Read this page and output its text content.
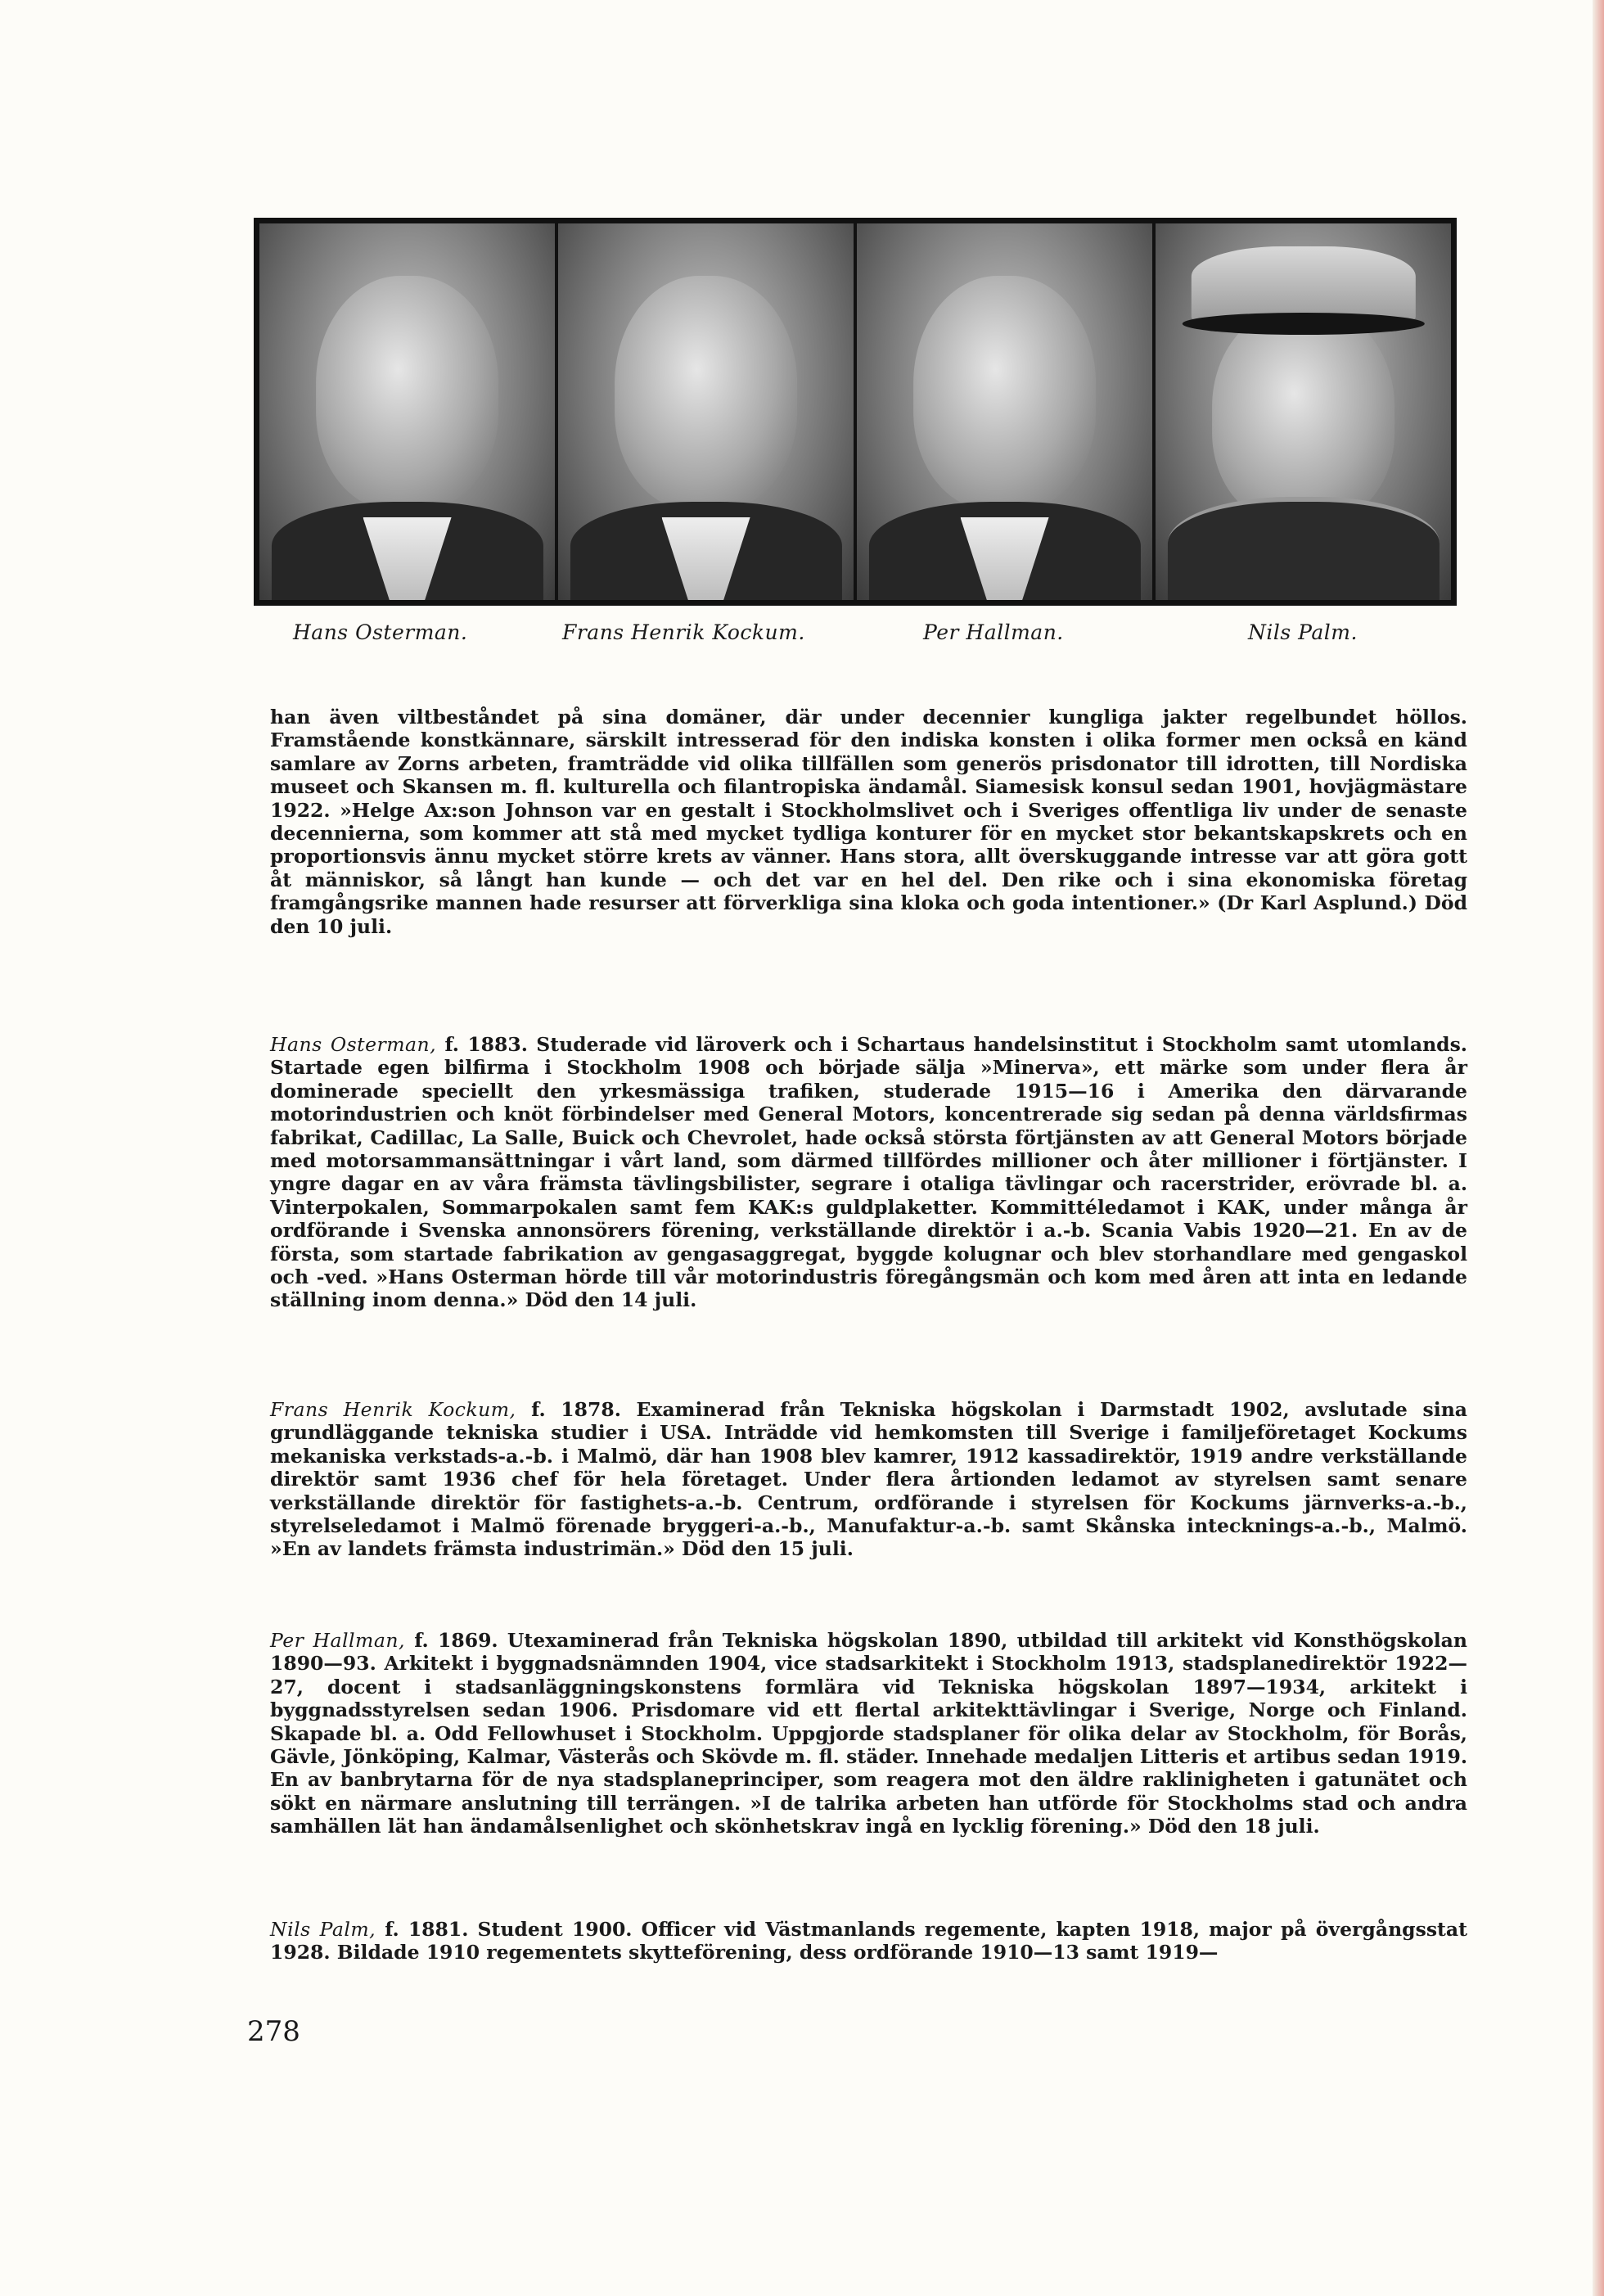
Hans Osterman.	Frans Henrik Kockum.	Per Hallman.	Nils Palm.

han även viltbeståndet på sina domäner, där under decennier kungliga jakter regelbundet höllos. Framstående konstkännare, särskilt intresserad för den indiska konsten i olika former men också en känd samlare av Zorns arbeten, framträdde vid olika tillfällen som generös prisdonator till idrotten, till Nordiska museet och Skansen m. fl. kulturella och filantropiska ändamål. Siamesisk konsul sedan 1901, hovjägmästare 1922. »Helge Ax:son Johnson var en gestalt i Stockholmslivet och i Sveriges offentliga liv under de senaste decennierna, som kommer att stå med mycket tydliga konturer för en mycket stor bekantskapskrets och en proportionsvis ännu mycket större krets av vänner. Hans stora, allt överskuggande intresse var att göra gott åt människor, så långt han kunde — och det var en hel del. Den rike och i sina ekonomiska företag framgångsrike mannen hade resurser att förverkliga sina kloka och goda intentioner.» (Dr Karl Asplund.) Död den 10 juli.

Hans Osterman, f. 1883. Studerade vid läroverk och i Schartaus handelsinstitut i Stockholm samt utomlands. Startade egen bilfirma i Stockholm 1908 och började sälja »Minerva», ett märke som under flera år dominerade speciellt den yrkesmässiga trafiken, studerade 1915—16 i Amerika den därvarande motorindustrien och knöt förbindelser med General Motors, koncentrerade sig sedan på denna världsfirmas fabrikat, Cadillac, La Salle, Buick och Chevrolet, hade också största förtjänsten av att General Motors började med motorsammansättningar i vårt land, som därmed tillfördes millioner och åter millioner i förtjänster. I yngre dagar en av våra främsta tävlingsbilister, segrare i otaliga tävlingar och racerstrider, erövrade bl. a. Vinterpokalen, Sommarpokalen samt fem KAK:s guldplaketter. Kommittéledamot i KAK, under många år ordförande i Svenska annonsörers förening, verkställande direktör i a.-b. Scania Vabis 1920—21. En av de första, som startade fabrikation av gengasaggregat, byggde kolugnar och blev storhandlare med gengaskol och -ved. »Hans Osterman hörde till vår motorindustris föregångsmän och kom med åren att inta en ledande ställning inom denna.» Död den 14 juli.

Frans Henrik Kockum, f. 1878. Examinerad från Tekniska högskolan i Darmstadt 1902, avslutade sina grundläggande tekniska studier i USA. Inträdde vid hemkomsten till Sverige i familjeföretaget Kockums mekaniska verkstads-a.-b. i Malmö, där han 1908 blev kamrer, 1912 kassadirektör, 1919 andre verkställande direktör samt 1936 chef för hela företaget. Under flera årtionden ledamot av styrelsen samt senare verkställande direktör för fastighets-a.-b. Centrum, ordförande i styrelsen för Kockums järnverks-a.-b., styrelseledamot i Malmö förenade bryggeri-a.-b., Manufaktur-a.-b. samt Skånska intecknings-a.-b., Malmö. »En av landets främsta industrimän.» Död den 15 juli.

Per Hallman, f. 1869. Utexaminerad från Tekniska högskolan 1890, utbildad till arkitekt vid Konsthögskolan 1890—93. Arkitekt i byggnadsnämnden 1904, vice stadsarkitekt i Stockholm 1913, stadsplanedirektör 1922—27, docent i stadsanläggningskonstens formlära vid Tekniska högskolan 1897—1934, arkitekt i byggnadsstyrelsen sedan 1906. Prisdomare vid ett flertal arkitekttävlingar i Sverige, Norge och Finland. Skapade bl. a. Odd Fellowhuset i Stockholm. Uppgjorde stadsplaner för olika delar av Stockholm, för Borås, Gävle, Jönköping, Kalmar, Västerås och Skövde m. fl. städer. Innehade medaljen Litteris et artibus sedan 1919. En av banbrytarna för de nya stadsplaneprinciper, som reagera mot den äldre raklinigheten i gatunätet och sökt en närmare anslutning till terrängen. »I de talrika arbeten han utförde för Stockholms stad och andra samhällen lät han ändamålsenlighet och skönhetskrav ingå en lycklig förening.» Död den 18 juli.

Nils Palm, f. 1881. Student 1900. Officer vid Västmanlands regemente, kapten 1918, major på övergångsstat 1928. Bildade 1910 regementets skytteförening, dess ordförande 1910—13 samt 1919—

278
